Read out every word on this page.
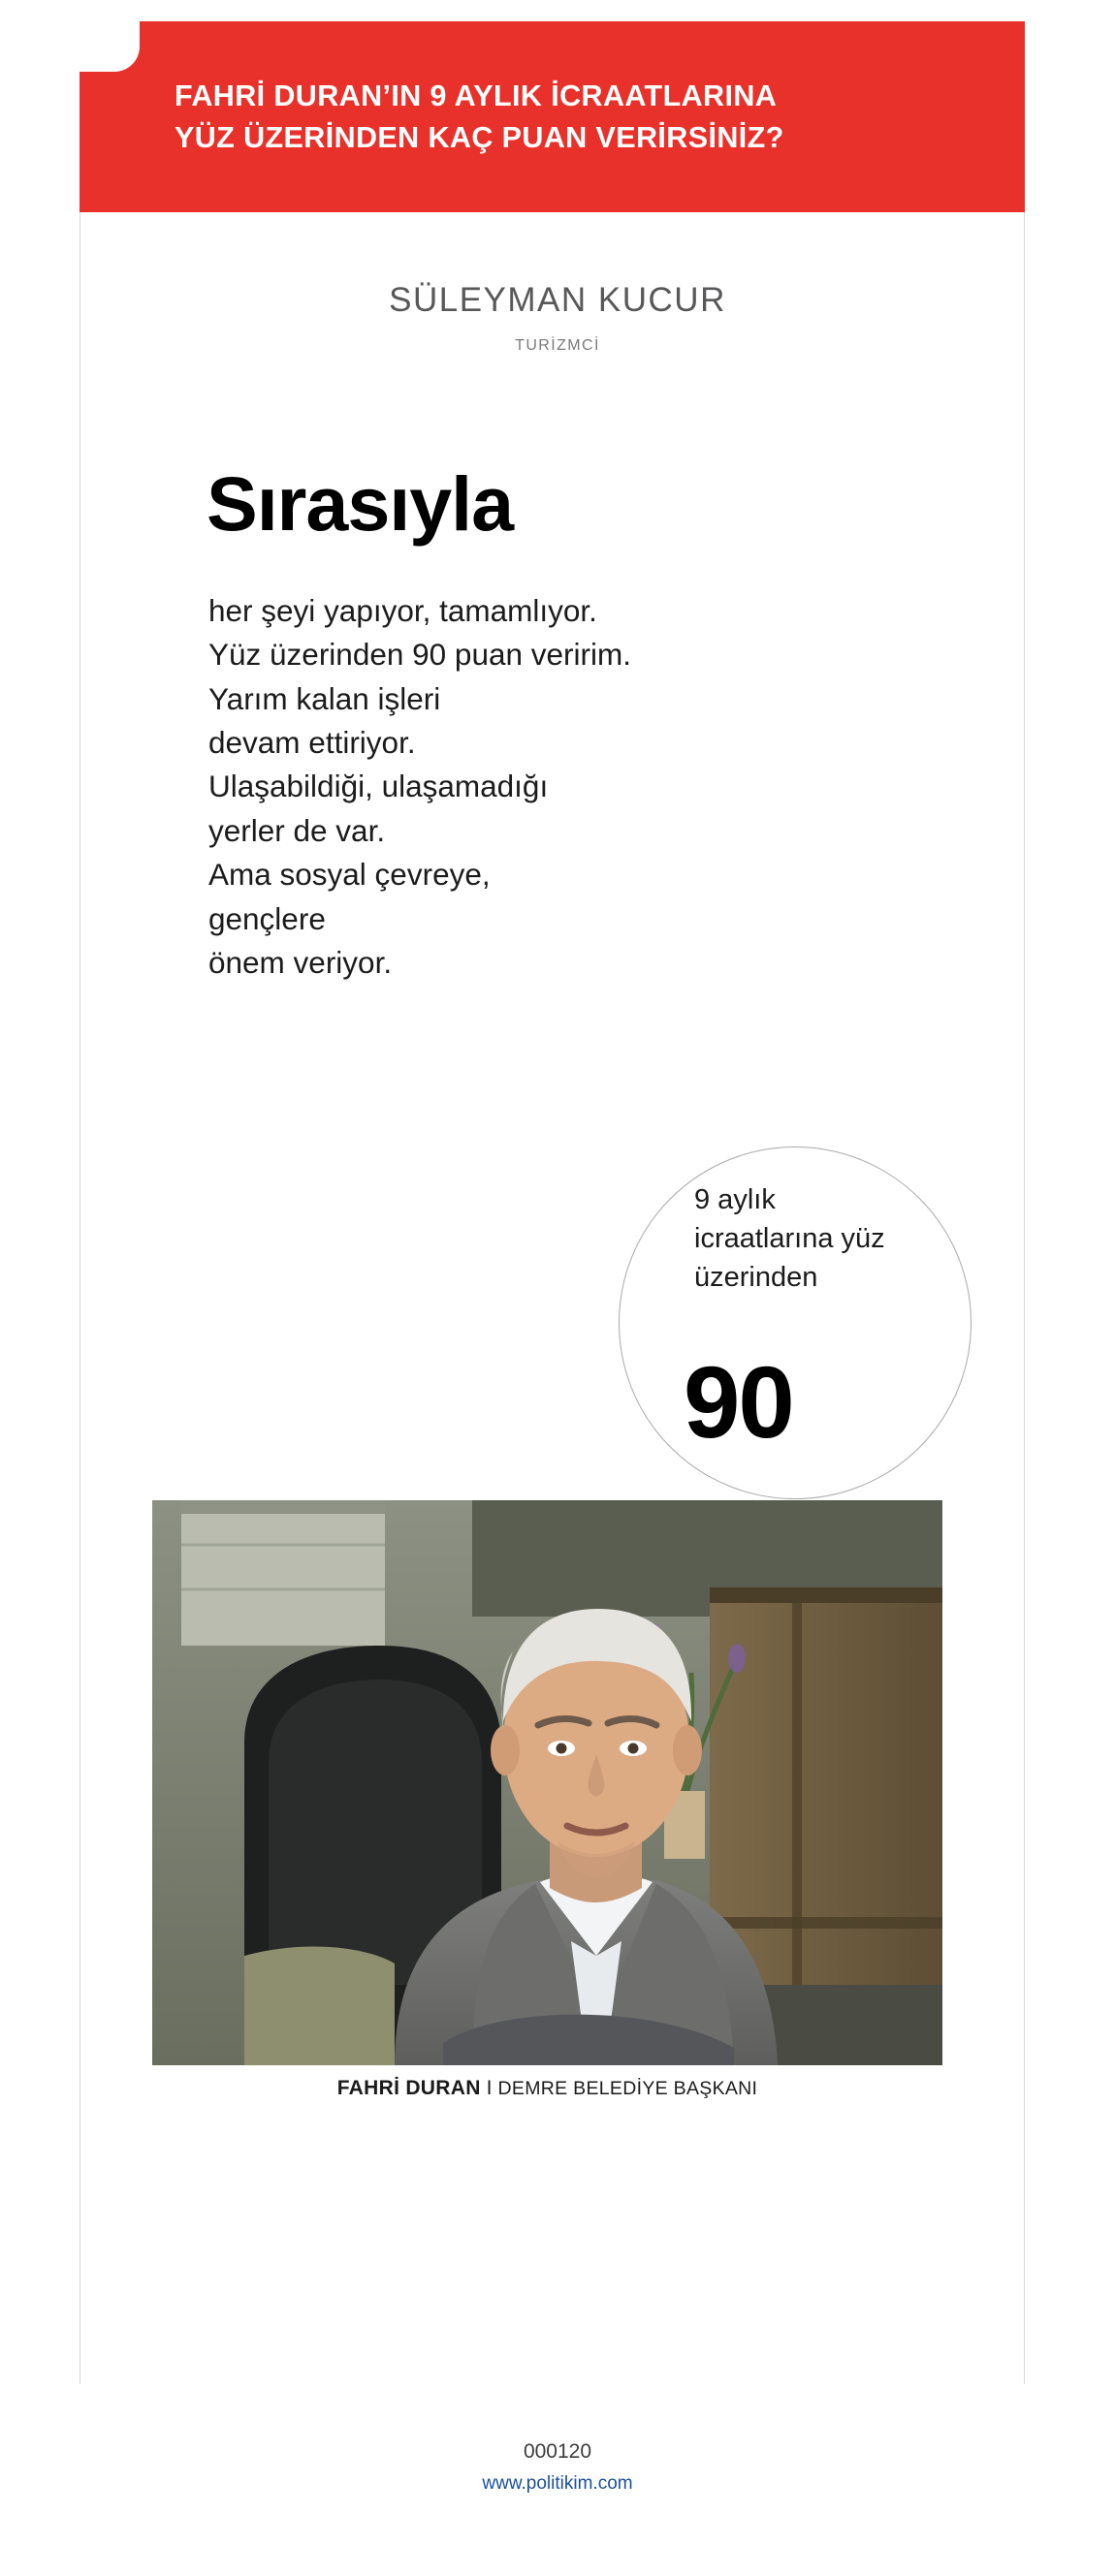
FAHRİ DURAN’IN 9 AYLIK İCRAATLARINA
YÜZ ÜZERİNDEN KAÇ PUAN VERİRSİNİZ?
SÜLEYMAN KUCUR
TURİZMCİ
Sırasıyla
her şeyi yapıyor, tamamlıyor.
Yüz üzerinden 90 puan veririm.
Yarım kalan işleri
devam ettiriyor.
Ulaşabildiği, ulaşamadığı
yerler de var.
Ama sosyal çevreye,
gençlere
önem veriyor.
9 aylık icraatlarına yüz üzerinden
90
FAHRİ DURAN I DEMRE BELEDİYE BAŞKANI
000120
www.politikim.com
